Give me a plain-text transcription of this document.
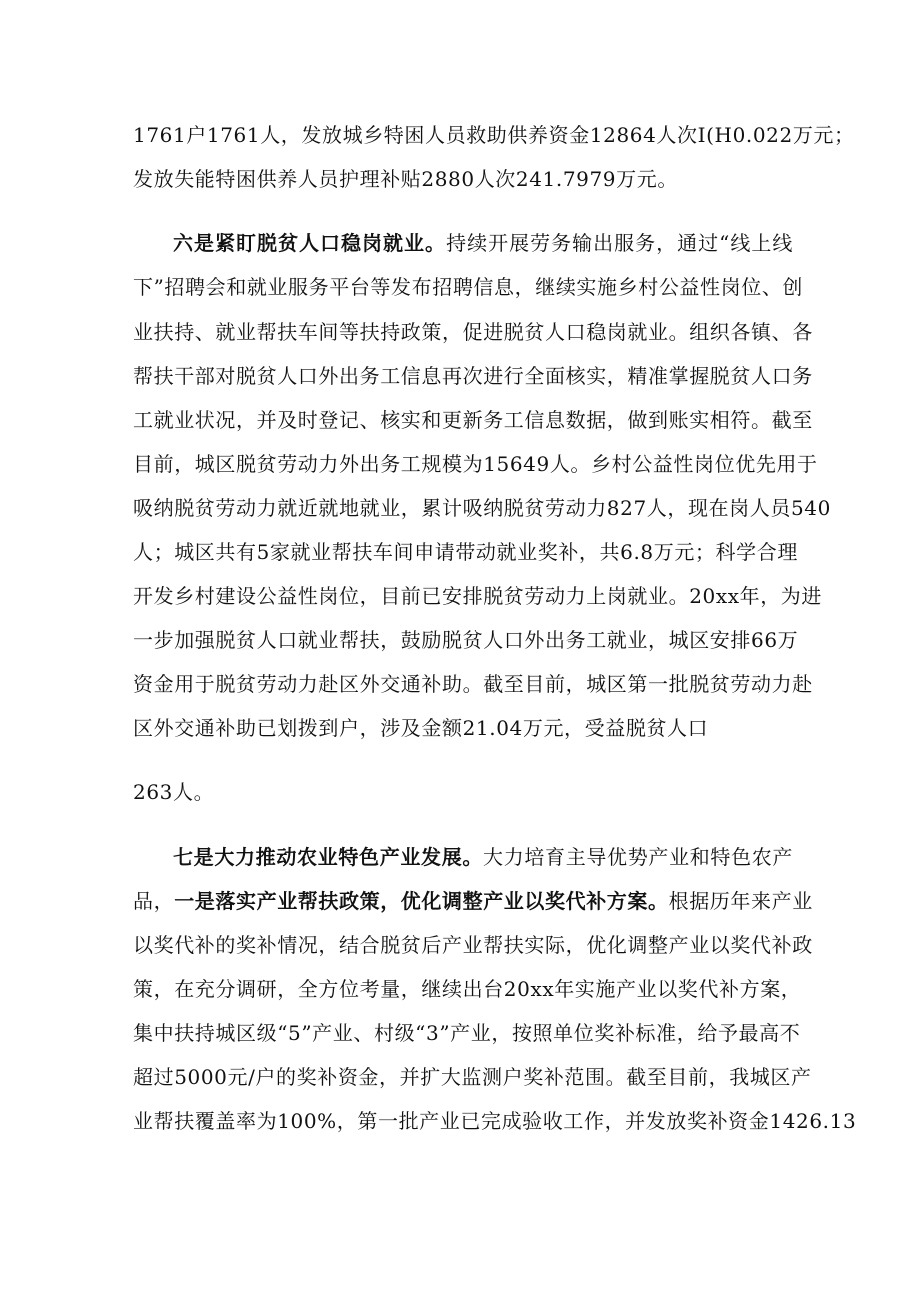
1761户1761人，发放城乡特困人员救助供养资金12864人次I(H0.022万元；
发放失能特困供养人员护理补贴2880人次241.7979万元。
六是紧盯脱贫人口稳岗就业。持续开展劳务输出服务，通过“线上线
下”招聘会和就业服务平台等发布招聘信息，继续实施乡村公益性岗位、创
业扶持、就业帮扶车间等扶持政策，促进脱贫人口稳岗就业。组织各镇、各
帮扶干部对脱贫人口外出务工信息再次进行全面核实，精准掌握脱贫人口务
工就业状况，并及时登记、核实和更新务工信息数据，做到账实相符。截至
目前，城区脱贫劳动力外出务工规模为15649人。乡村公益性岗位优先用于
吸纳脱贫劳动力就近就地就业，累计吸纳脱贫劳动力827人，现在岗人员540
人；城区共有5家就业帮扶车间申请带动就业奖补，共6.8万元；科学合理
开发乡村建设公益性岗位，目前已安排脱贫劳动力上岗就业。20xx年，为进
一步加强脱贫人口就业帮扶，鼓励脱贫人口外出务工就业，城区安排66万
资金用于脱贫劳动力赴区外交通补助。截至目前，城区第一批脱贫劳动力赴
区外交通补助已划拨到户，涉及金额21.04万元，受益脱贫人口
263人。
七是大力推动农业特色产业发展。大力培育主导优势产业和特色农产
品，一是落实产业帮扶政策，优化调整产业以奖代补方案。根据历年来产业
以奖代补的奖补情况，结合脱贫后产业帮扶实际，优化调整产业以奖代补政
策，在充分调研，全方位考量，继续出台20xx年实施产业以奖代补方案，
集中扶持城区级“5”产业、村级“3”产业，按照单位奖补标准，给予最高不
超过5000元/户的奖补资金，并扩大监测户奖补范围。截至目前，我城区产
业帮扶覆盖率为100%，第一批产业已完成验收工作，并发放奖补资金1426.13
